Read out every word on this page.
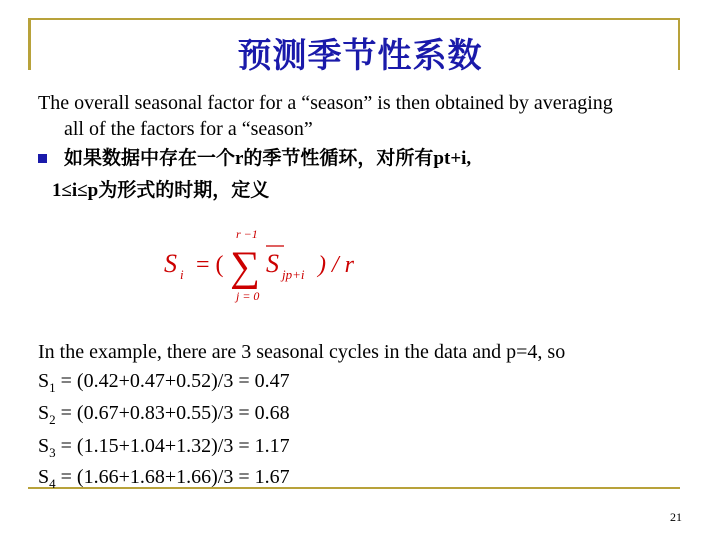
预测季节性系数
The overall seasonal factor for a “season” is then obtained by averaging
all of the factors for a “season”
如果数据中存在一个r的季节性循环，对所有pt+i,
1≤i≤p为形式的时期，定义
S i = (
r −1
∑
j = 0
S jp+i ) / r
In the example, there are 3 seasonal cycles in the data and p=4, so
$S_1 = (0.42+0.47+0.52)/3 = 0.47$
$S_2 = (0.67+0.83+0.55)/3 = 0.68$
$S_3 = (1.15+1.04+1.32)/3 = 1.17$
$S_4 = (1.66+1.68+1.66)/3 = 1.67$
21
